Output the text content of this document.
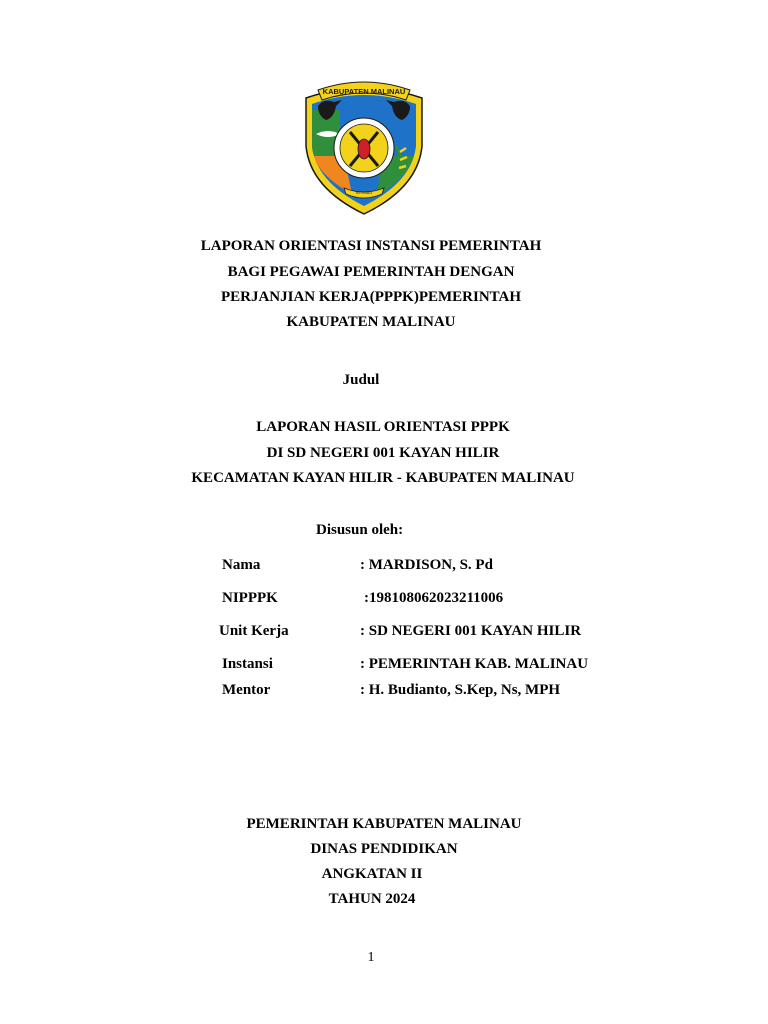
KABUPATEN MALINAU
INTIMAU
LAPORAN ORIENTASI INSTANSI PEMERINTAH
BAGI PEGAWAI PEMERINTAH DENGAN
PERJANJIAN KERJA(PPPK)PEMERINTAH
KABUPATEN MALINAU
Judul
LAPORAN HASIL ORIENTASI PPPK
DI SD NEGERI 001 KAYAN HILIR
KECAMATAN KAYAN HILIR - KABUPATEN MALINAU
Disusun oleh:
Nama	: MARDISON, S. Pd
NIPPPK	:198108062023211006
Unit Kerja	: SD NEGERI 001 KAYAN HILIR
Instansi	: PEMERINTAH KAB. MALINAU
Mentor	: H. Budianto, S.Kep, Ns, MPH
PEMERINTAH KABUPATEN MALINAU
DINAS PENDIDIKAN
ANGKATAN II
TAHUN 2024
1
